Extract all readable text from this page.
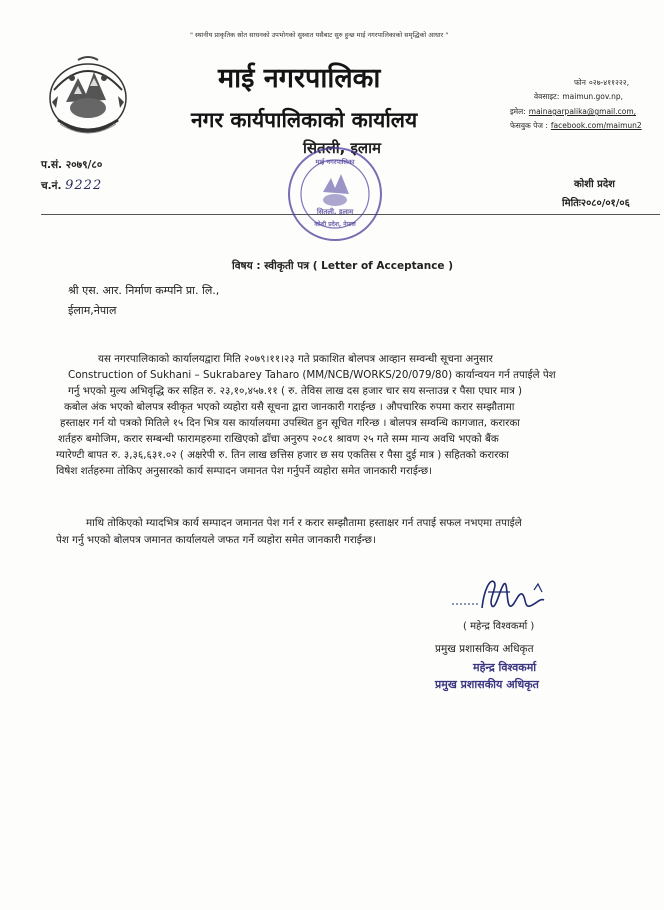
" स्थानीय प्राकृतिक स्रोत साधनको उपभोगको सुस्वात यसैबाट सुरु हुन्छ माई नगरपालिकाको समृद्धिको आधार "
माई नगरपालिका
नगर कार्यपालिकाको कार्यालय
सितली, इलाम
फोन ०२७-४११२२२,
वेवसाइट: maimun.gov.np,
इमेल: mainagarpalika@gmail.com,
फेसवुक पेज : facebook.com/maimun2
प.सं. २०७९/८०
च.नं. 9222	कोशी प्रदेश
मितिः२०८०/०१/०६
सितली, इलाम
कोशी प्रदेश, नेपाल
माई नगरपालिका
विषय : स्वीकृती पत्र ( Letter of Acceptance )
श्री एस. आर. निर्माण कम्पनि प्रा. लि.,
ईलाम,नेपाल
यस नगरपालिकाको कार्यालयद्वारा मिति २०७९।११।२३ गते प्रकाशित बोलपत्र आव्हान सम्वन्धी सूचना अनुसार
Construction of Sukhani – Sukrabarey Taharo (MM/NCB/WORKS/20/079/80) कार्यान्वयन गर्न तपाईले पेश
गर्नु भएको मुल्य अभिवृद्धि कर सहित रु. २३,१०,४५७.११ ( रु. तेविस लाख दस हजार चार सय सन्ताउन्न र पैसा एघार मात्र )
कबोल अंक भएको बोलपत्र स्वीकृत भएको व्यहोरा यसै सूचना द्वारा जानकारी गराईन्छ । औपचारिक रुपमा करार सम्झौतामा
हस्ताक्षर गर्न यो पत्रको मितिले १५ दिन भित्र यस कार्यालयमा उपस्थित हुन सूचित गरिन्छ । बोलपत्र सम्वन्धि कागजात, करारका
शर्तहरु बमोजिम, करार सम्बन्धी फारामहरुमा राखिएको ढाँचा अनुरुप २०८१ श्रावण २५ गते सम्म मान्य अवधि भएको बैंक
ग्यारेण्टी बापत रु. ३,३६,६३१.०२ ( अक्षरेपी रु. तिन लाख छत्तिस हजार छ सय एकतिस र पैसा दुई मात्र ) सहितको करारका
विषेश शर्तहरुमा तोकिए अनुसारको कार्य सम्पादन जमानत पेश गर्नुपर्ने व्यहोरा समेत जानकारी गराईन्छ।
माथि तोकिएको म्यादभित्र कार्य सम्पादन जमानत पेश गर्न र करार सम्झौतामा हस्ताक्षर गर्न तपाई सफल नभएमा तपाईले
पेश गर्नु भएको बोलपत्र जमानत कार्यालयले जफत गर्ने व्यहोरा समेत जानकारी गराईन्छ।
( महेन्द्र विश्वकर्मा )
प्रमुख प्रशासकिय अधिकृत
महेन्द्र विश्वकर्मा
प्रमुख प्रशासकीय अधिकृत
